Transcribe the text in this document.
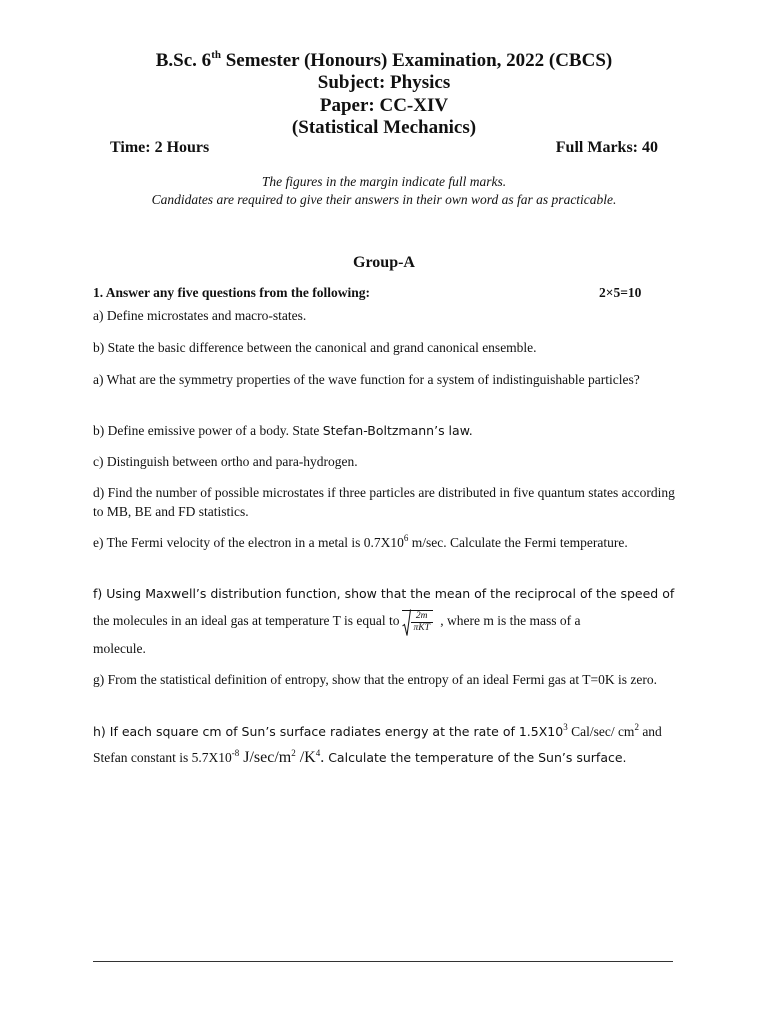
B.Sc. 6th Semester (Honours) Examination, 2022 (CBCS)
Subject: Physics
Paper: CC-XIV
(Statistical Mechanics)
Time: 2 Hours	Full Marks: 40
The figures in the margin indicate full marks.
Candidates are required to give their answers in their own word as far as practicable.
Group-A
1. Answer any five questions from the following:	2×5=10
a) Define microstates and macro-states.
b) State the basic difference between the canonical and grand canonical ensemble.
a) What are the symmetry properties of the wave function for a system of indistinguishable particles?
b) Define emissive power of a body. State Stefan-Boltzmann’s law.
c) Distinguish between ortho and para-hydrogen.
d) Find the number of possible microstates if three particles are distributed in five quantum states according to MB, BE and FD statistics.
e) The Fermi velocity of the electron in a metal is $0.7X10^6$ m/sec. Calculate the Fermi temperature.
f) Using Maxwell’s distribution function, show that the mean of the reciprocal of the speed of
the molecules in an ideal gas at temperature T is equal to $\frac{2m}{\text{πKT}}$ , where m is the mass of a
molecule.
g) From the statistical definition of entropy, show that the entropy of an ideal Fermi gas at T=0K is zero.
h) If each square cm of Sun’s surface radiates energy at the rate of $1.5X10^3$ Cal/sec/ $cm^2$ and
Stefan constant is $5.7X10^{-8}$ $J/\sec/m^2$ $/K^4$. Calculate the temperature of the Sun’s surface.
